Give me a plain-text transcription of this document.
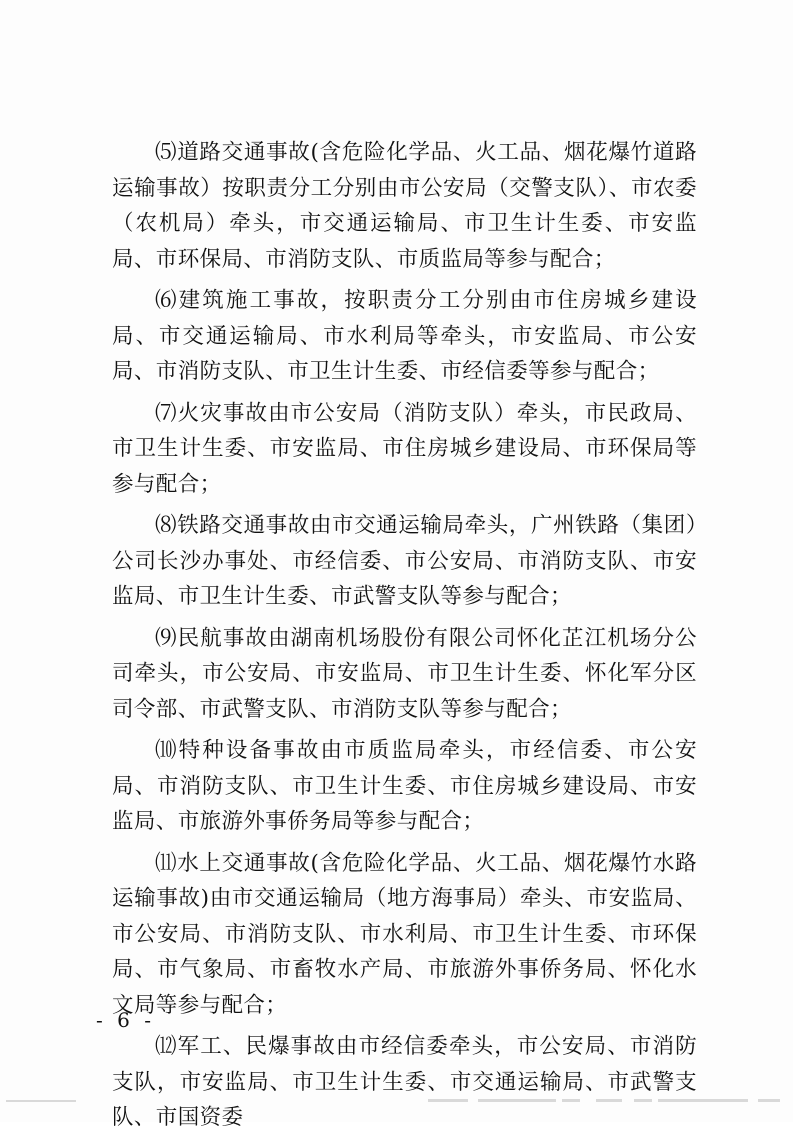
⑸道路交通事故(含危险化学品、火工品、烟花爆竹道路运输事故）按职责分工分别由市公安局（交警支队）、市农委（农机局）牵头，市交通运输局、市卫生计生委、市安监局、市环保局、市消防支队、市质监局等参与配合；

⑹建筑施工事故，按职责分工分别由市住房城乡建设局、市交通运输局、市水利局等牵头，市安监局、市公安局、市消防支队、市卫生计生委、市经信委等参与配合；

⑺火灾事故由市公安局（消防支队）牵头，市民政局、市卫生计生委、市安监局、市住房城乡建设局、市环保局等参与配合；

⑻铁路交通事故由市交通运输局牵头，广州铁路（集团）公司长沙办事处、市经信委、市公安局、市消防支队、市安监局、市卫生计生委、市武警支队等参与配合；

⑼民航事故由湖南机场股份有限公司怀化芷江机场分公司牵头，市公安局、市安监局、市卫生计生委、怀化军分区司令部、市武警支队、市消防支队等参与配合；

⑽特种设备事故由市质监局牵头，市经信委、市公安局、市消防支队、市卫生计生委、市住房城乡建设局、市安监局、市旅游外事侨务局等参与配合；

⑾水上交通事故(含危险化学品、火工品、烟花爆竹水路运输事故)由市交通运输局（地方海事局）牵头、市安监局、市公安局、市消防支队、市水利局、市卫生计生委、市环保局、市气象局、市畜牧水产局、市旅游外事侨务局、怀化水文局等参与配合；

⑿军工、民爆事故由市经信委牵头，市公安局、市消防支队，市安监局、市卫生计生委、市交通运输局、市武警支队、市国资委

- 6 -
